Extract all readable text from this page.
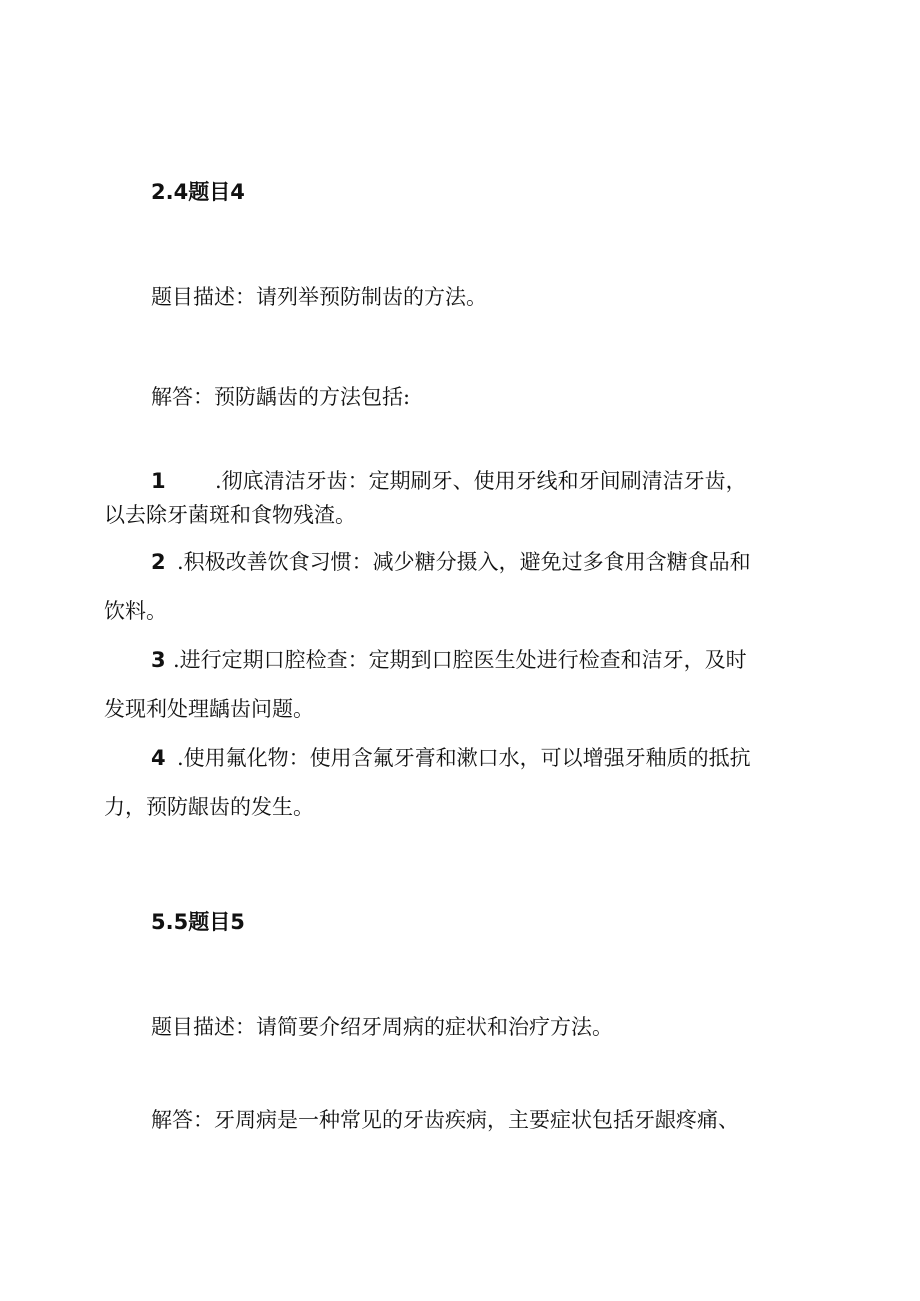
2.4题目4
题目描述：请列举预防制齿的方法。
解答：预防龋齿的方法包括:
1 .彻底清洁牙齿：定期刷牙、使用牙线和牙间刷清洁牙齿，
以去除牙菌斑和食物残渣。
2 .积极改善饮食习惯：减少糖分摄入，避免过多食用含糖食品和
饮料。
3 .进行定期口腔检查：定期到口腔医生处进行检查和洁牙，及时
发现利处理龋齿问题。
4 .使用氟化物：使用含氟牙膏和漱口水，可以增强牙釉质的抵抗
力，预防龈齿的发生。
5.5题目5
题目描述：请简要介绍牙周病的症状和治疗方法。
解答：牙周病是一种常见的牙齿疾病，主要症状包括牙龈疼痛、
